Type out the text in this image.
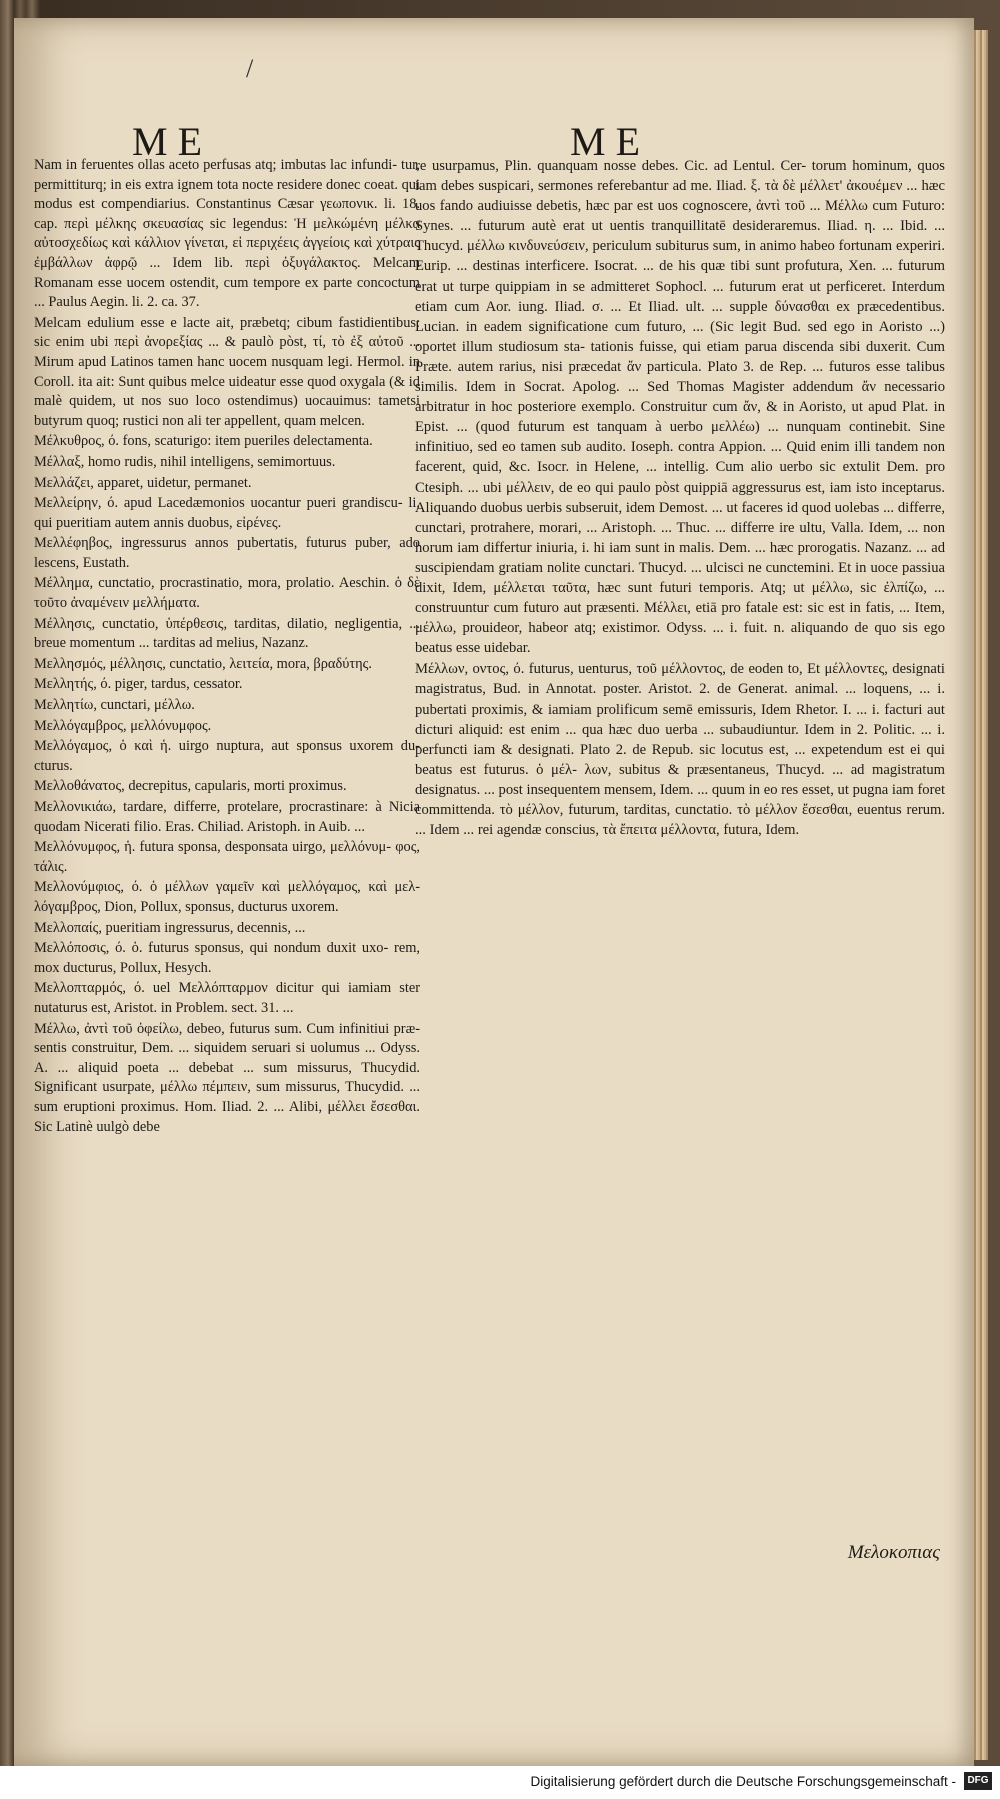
/
ME	ME

Nam in feruentes ollas aceto perfusas atq; imbutas lac infundi- tur, permittiturq; in eis extra ignem tota nocte residere donec coeat. qui modus est compendiarius. Constantinus Cæsar γεωπονικ. li. 18. cap. περὶ μέλκης σκευασίας sic legendus: Ἡ μελκώμένη μέλκα αὐτοσχεδίως καὶ κάλλιον γίνεται, εἰ περιχέεις ἀγγείοις καὶ χύτραις ἐμβάλλων ἀφρῷ ... Idem lib. περὶ ὀξυγάλακτος. Melcam Romanam esse uocem ostendit, cum tempore ex parte concoctum ... Paulus Aegin. li. 2. ca. 37.

Melcam edulium esse e lacte ait, præbetq; cibum fastidientibus: sic enim ubi περὶ ἀνορεξίας ... & paulò pòst, τί, τὸ ἐξ αὐτοῦ ... Mirum apud Latinos tamen hanc uocem nusquam legi. Hermol. in Coroll. ita ait: Sunt quibus melce uideatur esse quod oxygala (& id malè quidem, ut nos suo loco ostendimus) uocauimus: tametsi butyrum quoq; rustici non ali ter appellent, quam melcen.

Μέλκυθρος, ό. fons, scaturigo: item pueriles delectamenta.

Μέλλαξ, homo rudis, nihil intelligens, semimortuus.

Μελλάζει, apparet, uidetur, permanet.

Μελλείρην, ό. apud Lacedæmonios uocantur pueri grandiscu- li, qui pueritiam autem annis duobus, εἰρένες.

Μελλέφηβος, ingressurus annos pubertatis, futurus puber, ado lescens, Eustath.

Μέλλημα, cunctatio, procrastinatio, mora, prolatio. Aeschin. ὁ δὲ τοῦτο ἀναμένειν μελλήματα.

Μέλλησις, cunctatio, ὑπέρθεσις, tarditas, dilatio, negligentia, ... breue momentum ... tarditas ad melius, Nazanz.

Μελλησμός, μέλλησις, cunctatio, λειτεία, mora, βραδύτης.

Μελλητής, ό. piger, tardus, cessator.

Μελλητίω, cunctari, μέλλω.

Μελλόγαμβρος, μελλόνυμφος.

Μελλόγαμος, ὁ καὶ ἡ. uirgo nuptura, aut sponsus uxorem du- cturus.

Μελλοθάνατος, decrepitus, capularis, morti proximus.

Μελλονικιάω, tardare, differre, protelare, procrastinare: à Nicia quodam Nicerati filio. Eras. Chiliad. Aristoph. in Auib. ...

Μελλόνυμφος, ἡ. futura sponsa, desponsata uirgo, μελλόνυμ- φος, τάλις.

Μελλονύμφιος, ό. ὁ μέλλων γαμεῖν καὶ μελλόγαμος, καὶ μελ- λόγαμβρος, Dion, Pollux, sponsus, ducturus uxorem.

Μελλοπαίς, pueritiam ingressurus, decennis, ...

Μελλόποσις, ό. ὁ. futurus sponsus, qui nondum duxit uxo- rem, mox ducturus, Pollux, Hesych.

Μελλοπταρμός, ό. uel Μελλόπταρμον dicitur qui iamiam ster nutaturus est, Aristot. in Problem. sect. 31. ...

Μέλλω, ἀντὶ τοῦ ὀφείλω, debeo, futurus sum. Cum infinitiui præ- sentis construitur, Dem. ... siquidem seruari si uolumus ... Odyss. A. ... aliquid poeta ... debebat ... sum missurus, Thucydid. Significant usurpate, μέλλω πέμπειν, sum missurus, Thucydid. ... sum eruptioni proximus. Hom. Iliad. 2. ... Alibi, μέλλει ἔσεσθαι. Sic Latinè uulgò debe

re usurpamus, Plin. quanquam nosse debes. Cic. ad Lentul. Cer- torum hominum, quos iam debes suspicari, sermones referebantur ad me. Iliad. ξ. τὰ δὲ μέλλετ' ἀκουέμεν ... hæc uos fando audiuisse debetis, hæc par est uos cognoscere, ἀντὶ τοῦ ... Μέλλω cum Futuro: Synes. ... futurum autè erat ut uentis tranquillitatē desideraremus. Iliad. η. ... Ibid. ... Thucyd. μέλλω κινδυνεύσειν, periculum subiturus sum, in animo habeo fortunam experiri. Eurip. ... destinas interficere. Isocrat. ... de his quæ tibi sunt profutura, Xen. ... futurum erat ut turpe quippiam in se admitteret Sophocl. ... futurum erat ut perficeret. Interdum etiam cum Aor. iung. Iliad. σ. ... Et Iliad. ult. ... supple δύνασθαι ex præcedentibus. Lucian. in eadem significatione cum futuro, ... (Sic legit Bud. sed ego in Aoristo ...) oportet illum studiosum sta- tationis fuisse, qui etiam parua discenda sibi duxerit. Cum Præte. autem rarius, nisi præcedat ἄν particula. Plato 3. de Rep. ... futuros esse talibus similis. Idem in Socrat. Apolog. ... Sed Thomas Magister addendum ἄν necessario arbitratur in hoc posteriore exemplo. Construitur cum ἄν, & in Aoristo, ut apud Plat. in Epist. ... (quod futurum est tanquam à uerbo μελλέω) ... nunquam continebit. Sine infinitiuo, sed eo tamen sub audito. Ioseph. contra Appion. ... Quid enim illi tandem non facerent, quid, &c. Isocr. in Helene, ... intellig. Cum alio uerbo sic extulit Dem. pro Ctesiph. ... ubi μέλλειν, de eo qui paulo pòst quippiā aggressurus est, iam isto inceptarus. Aliquando duobus uerbis subseruit, idem Demost. ... ut faceres id quod uolebas ... differre, cunctari, protrahere, morari, ... Aristoph. ... Thuc. ... differre ire ultu, Valla. Idem, ... non horum iam differtur iniuria, i. hi iam sunt in malis. Dem. ... hæc prorogatis. Nazanz. ... ad suscipiendam gratiam nolite cunctari. Thucyd. ... ulcisci ne cunctemini. Et in uoce passiua dixit, Idem, μέλλεται ταῦτα, hæc sunt futuri temporis. Atq; ut μέλλω, sic ἐλπίζω, ... construuntur cum futuro aut præsenti. Μέλλει, etiā pro fatale est: sic est in fatis, ... Item, μέλλω, prouideor, habeor atq; existimor. Odyss. ... i. fuit. n. aliquando de quo sis ego beatus esse uidebar.

Μέλλων, οντος, ό. futurus, uenturus, τοῦ μέλλοντος, de eoden to, Et μέλλοντες, designati magistratus, Bud. in Annotat. poster. Aristot. 2. de Generat. animal. ... loquens, ... i. pubertati proximis, & iamiam prolificum semē emissuris, Idem Rhetor. I. ... i. facturi aut dicturi aliquid: est enim ... qua hæc duo uerba ... subaudiuntur. Idem in 2. Politic. ... i. perfuncti iam & designati. Plato 2. de Repub. sic locutus est, ... expetendum est ei qui beatus est futurus. ὁ μέλ- λων, subitus & præsentaneus, Thucyd. ... ad magistratum designatus. ... post insequentem mensem, Idem. ... quum in eo res esset, ut pugna iam foret committenda. τὸ μέλλον, futurum, tarditas, cunctatio. τὸ μέλλον ἔσεσθαι, euentus rerum. ... Idem ... rei agendæ conscius, τὰ ἔπειτα μέλλοντα, futura, Idem.

Μελοκοπιας
Digitalisierung gefördert durch die Deutsche Forschungsgemeinschaft -	DFG
